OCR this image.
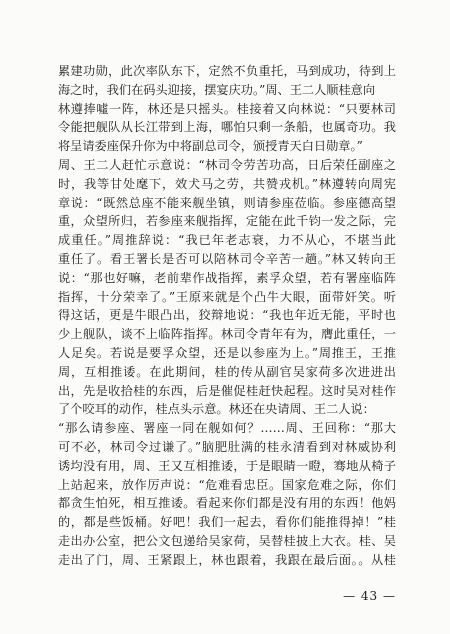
累建功勋，此次率队东下，定然不负重托，马到成功，待到上
海之时，我们在码头迎接，摆宴庆功。”周、王二人顺桂意向
林遵捧噓一阵，林还是只摇头。桂接着又向林说：“只要林司
令能把舰队从长江带到上海，哪怕只剩一条船，也属奇功。我
将呈请委座保升你为中将副总司令，颁授青天白日勋章。”
周、王二人赶忙示意说：“林司令劳苦功高，日后荣任副座之
时，我等甘处麾下，效犬马之劳，共赞戎机。”林遵转向周宪
章说：“既然总座不能来舰坐镇，则请参座莅临。参座德高望
重，众望所归，若参座来舰指挥，定能在此千钧一发之际，完
成重任。”周推辞说：“我已年老志衰，力不从心，不堪当此
重任了。看王署长是否可以陪林司令辛苦一趟。”林又转向王
说：“那也好嘛，老前辈作战指挥，素孚众望，若有署座临阵
指挥，十分荣幸了。”王原来就是个凸牛大眼，面带奸笑。听
得这话，更是牛眼凸出，狡辩地说：“我也年近无能，平时也
少上舰队，谈不上临阵指挥。林司令青年有为，膺此重任，一
人足矣。若说是要孚众望，还是以参座为上。”周推王，王推
周，互相推诿。在此期间，桂的传从副官吴家荷多次进进出
出，先是收拾桂的东西，后是催促桂赶快起程。这时吴对桂作
了个咬耳的动作，桂点头示意。林还在央请周、王二人说：
“那么请参座、署座一同在舰如何？……周、王回称：“那大
可不必，林司令过谦了。”脑肥肚满的桂永清看到对林威协利
诱均没有用，周、王又互相推诿，于是眼睛一瞪，骞地从椅子
上站起来，放作厉声说：“危难看忠臣。国家危难之际，你们
都贪生怕死，相互推诿。看起来你们都是没有用的东西！他妈
的，都是些饭桶。好吧！我们一起去，看你们能推得掉！”桂
走出办公室，把公文包递给吴家荷，吴替桂披上大衣。桂、吴
走出了门，周、王紧跟上，林也跟着，我跟在最后面。。从桂
— 43 —
